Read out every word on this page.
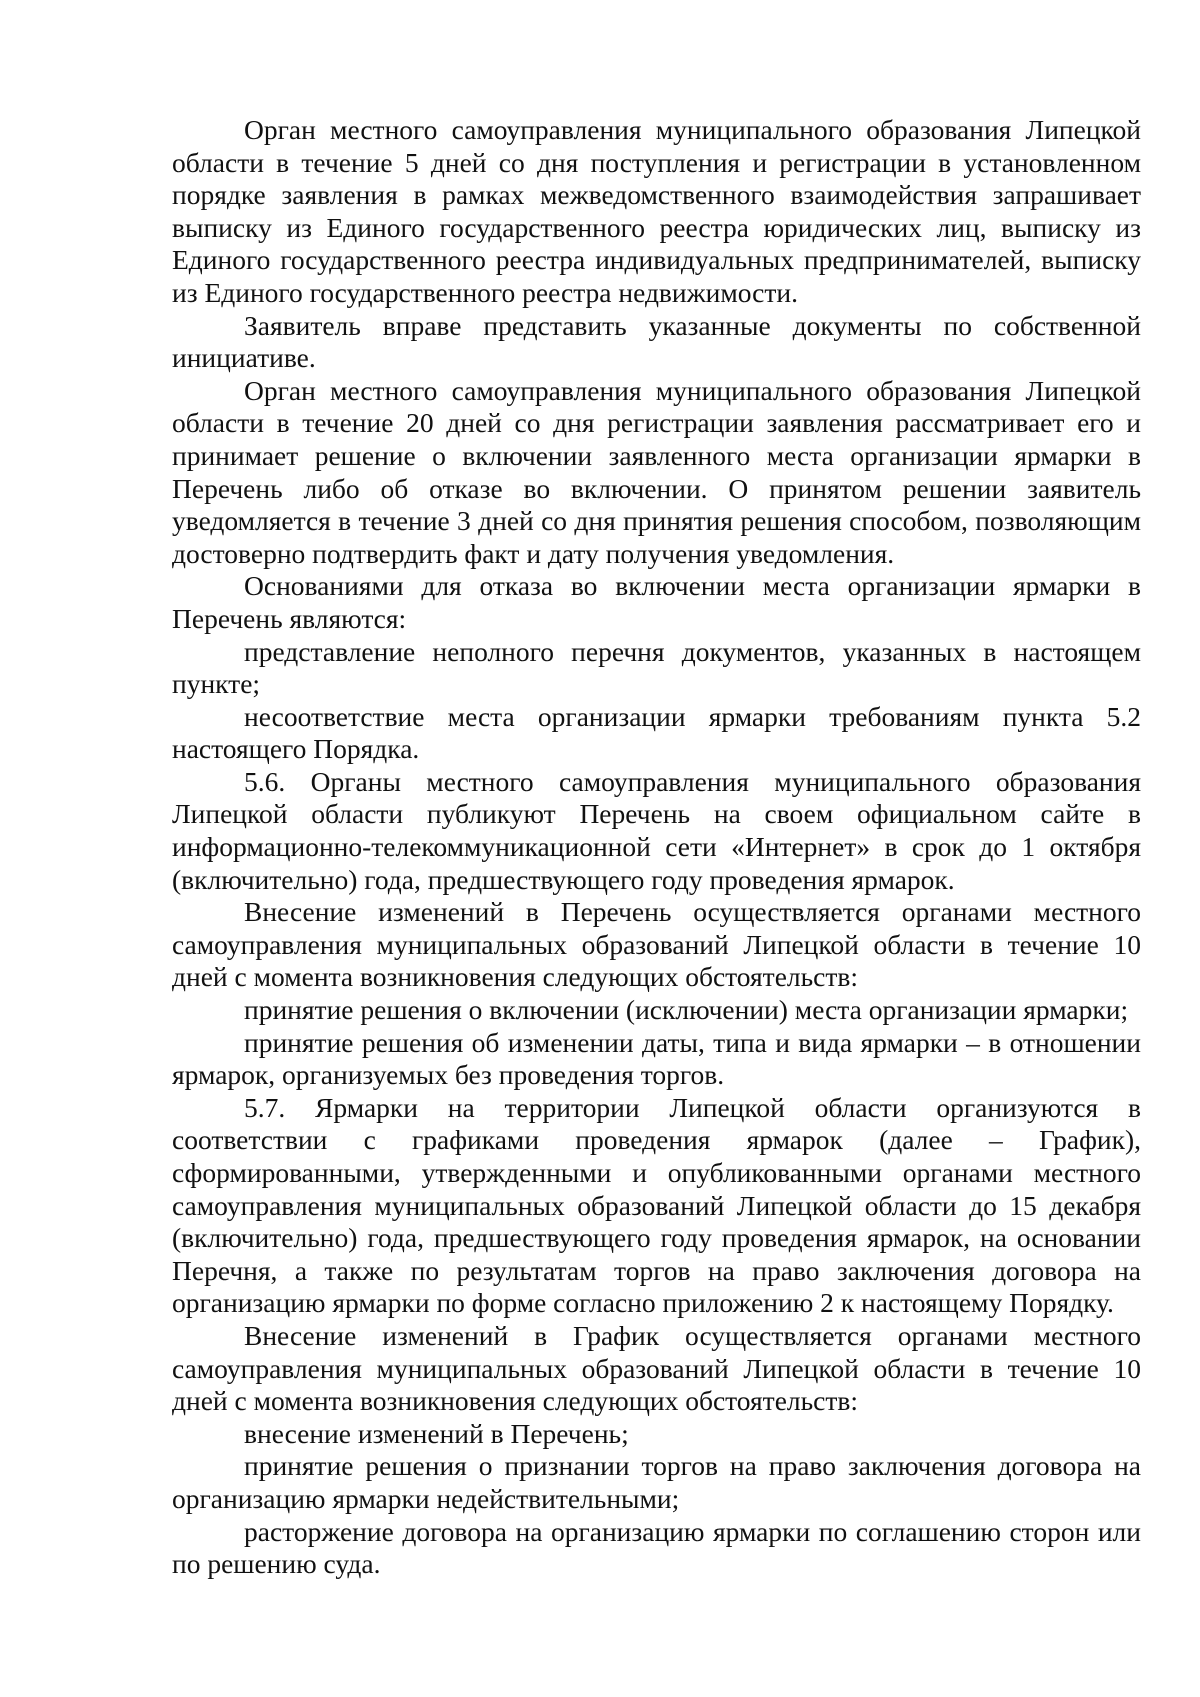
Орган местного самоуправления муниципального образования Липецкой области в течение 5 дней со дня поступления и регистрации в установленном порядке заявления в рамках межведомственного взаимодействия запрашивает выписку из Единого государственного реестра юридических лиц, выписку из Единого государственного реестра индивидуальных предпринимателей, выписку из Единого государственного реестра недвижимости.

Заявитель вправе представить указанные документы по собственной инициативе.

Орган местного самоуправления муниципального образования Липецкой области в течение 20 дней со дня регистрации заявления рассматривает его и принимает решение о включении заявленного места организации ярмарки в Перечень либо об отказе во включении. О принятом решении заявитель уведомляется в течение 3 дней со дня принятия решения способом, позволяющим достоверно подтвердить факт и дату получения уведомления.

Основаниями для отказа во включении места организации ярмарки в Перечень являются:

представление неполного перечня документов, указанных в настоящем пункте;

несоответствие места организации ярмарки требованиям пункта 5.2 настоящего Порядка.

5.6. Органы местного самоуправления муниципального образования Липецкой области публикуют Перечень на своем официальном сайте в информационно-телекоммуникационной сети «Интернет» в срок до 1 октября (включительно) года, предшествующего году проведения ярмарок.

Внесение изменений в Перечень осуществляется органами местного самоуправления муниципальных образований Липецкой области в течение 10 дней с момента возникновения следующих обстоятельств:

принятие решения о включении (исключении) места организации ярмарки;

принятие решения об изменении даты, типа и вида ярмарки – в отношении ярмарок, организуемых без проведения торгов.

5.7. Ярмарки на территории Липецкой области организуются в соответствии с графиками проведения ярмарок (далее – График), сформированными, утвержденными и опубликованными органами местного самоуправления муниципальных образований Липецкой области до 15 декабря (включительно) года, предшествующего году проведения ярмарок, на основании Перечня, а также по результатам торгов на право заключения договора на организацию ярмарки по форме согласно приложению 2 к настоящему Порядку.

Внесение изменений в График осуществляется органами местного самоуправления муниципальных образований Липецкой области в течение 10 дней с момента возникновения следующих обстоятельств:

внесение изменений в Перечень;

принятие решения о признании торгов на право заключения договора на организацию ярмарки недействительными;

расторжение договора на организацию ярмарки по соглашению сторон или по решению суда.
